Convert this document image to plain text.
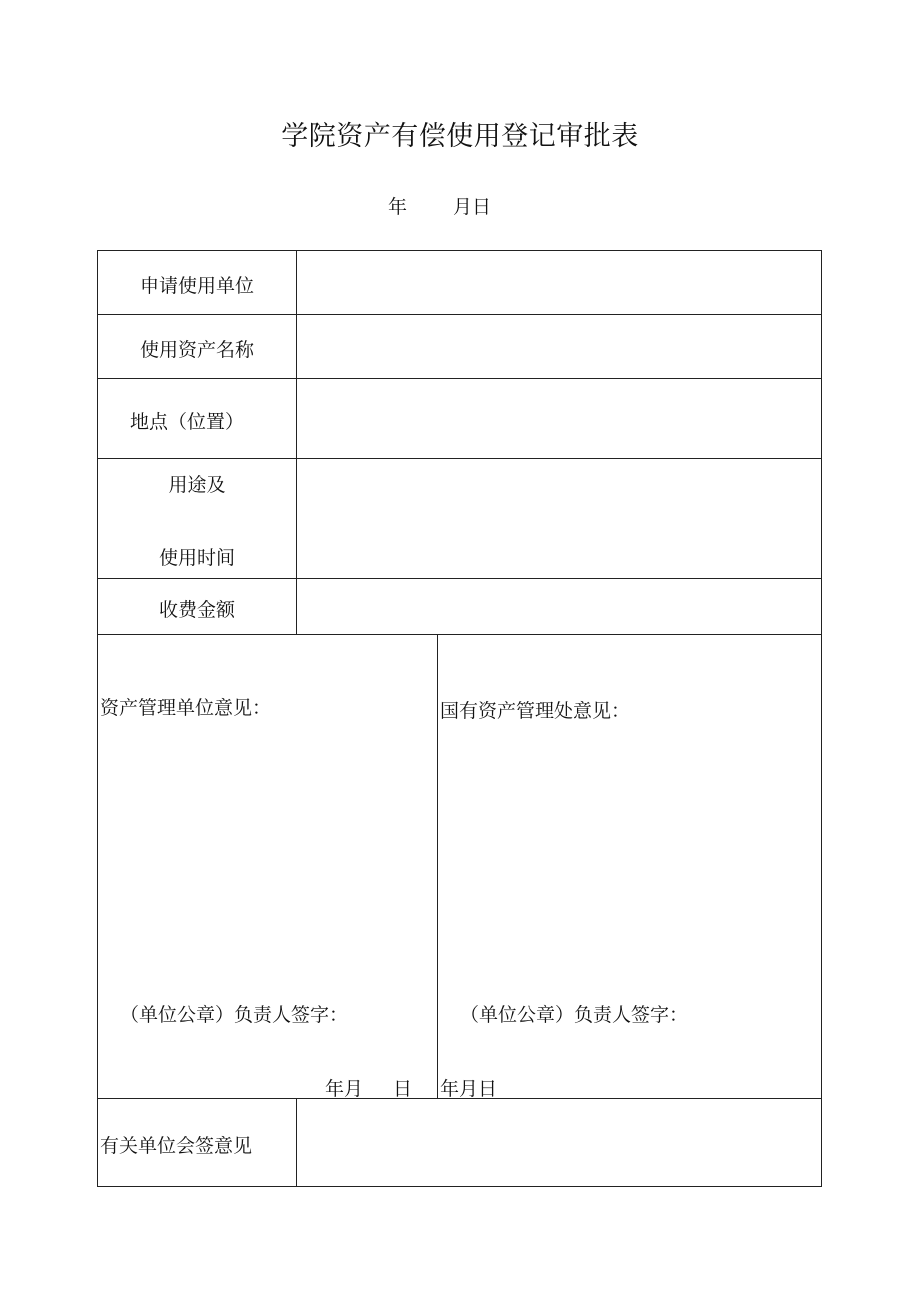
学院资产有偿使用登记审批表
年 月日
申请使用单位
使用资产名称
地点（位置）
用途及
使用时间
收费金额
资产管理单位意见：
（单位公章）负责人签字：
年月 日
国有资产管理处意见：
（单位公章）负责人签字：
年月日
有关单位会签意见
